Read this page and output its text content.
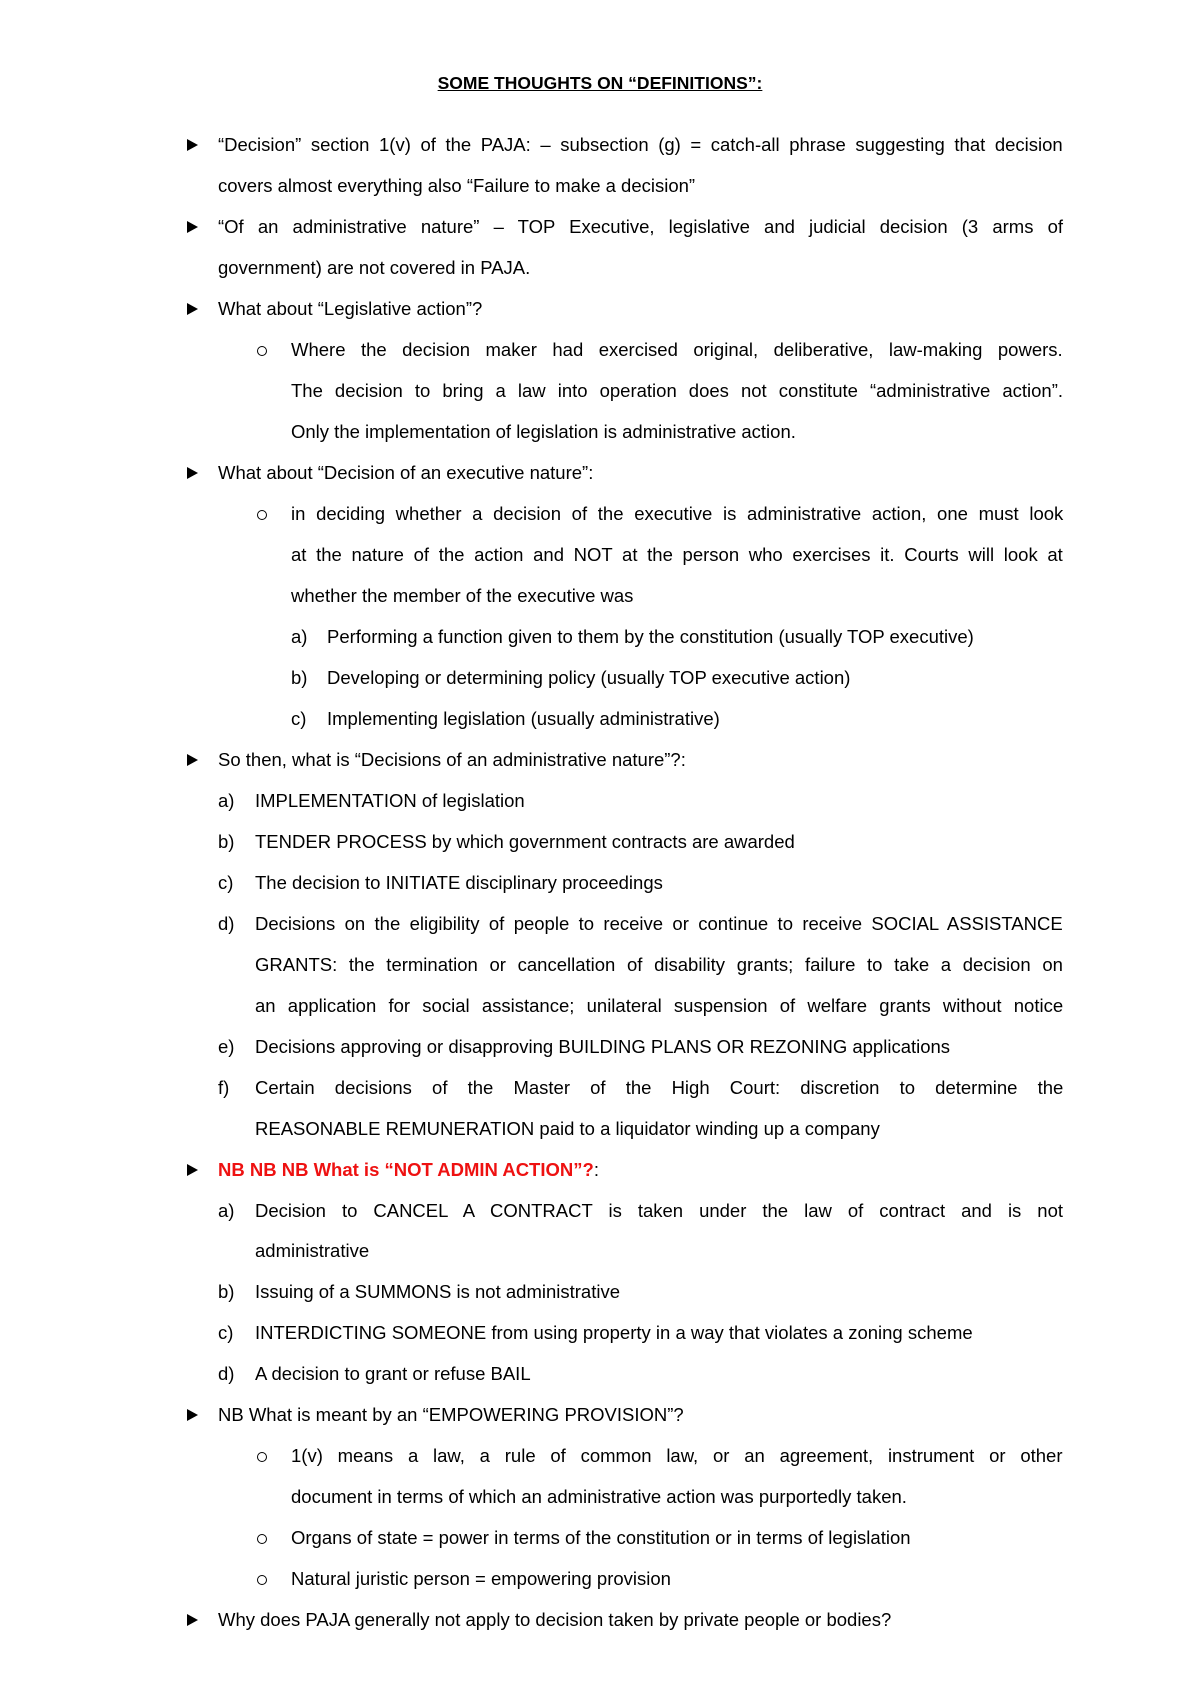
SOME THOUGHTS ON “DEFINITIONS”:
“Decision” section 1(v) of the PAJA: – subsection (g) = catch-all phrase suggesting that decision
covers almost everything also “Failure to make a decision”
“Of an administrative nature” – TOP Executive, legislative and judicial decision (3 arms of
government) are not covered in PAJA.
What about “Legislative action”?
Where the decision maker had exercised original, deliberative, law-making powers.
The decision to bring a law into operation does not constitute “administrative action”.
Only the implementation of legislation is administrative action.
What about “Decision of an executive nature”:
in deciding whether a decision of the executive is administrative action, one must look
at the nature of the action and NOT at the person who exercises it. Courts will look at
whether the member of the executive was
a) Performing a function given to them by the constitution (usually TOP executive)
b) Developing or determining policy (usually TOP executive action)
c) Implementing legislation (usually administrative)
So then, what is “Decisions of an administrative nature”?:
a) IMPLEMENTATION of legislation
b) TENDER PROCESS by which government contracts are awarded
c) The decision to INITIATE disciplinary proceedings
d) Decisions on the eligibility of people to receive or continue to receive SOCIAL ASSISTANCE
GRANTS: the termination or cancellation of disability grants; failure to take a decision on
an application for social assistance; unilateral suspension of welfare grants without notice
e) Decisions approving or disapproving BUILDING PLANS OR REZONING applications
f) Certain decisions of the Master of the High Court: discretion to determine the
REASONABLE REMUNERATION paid to a liquidator winding up a company
NB NB NB What is “NOT ADMIN ACTION”?:
a) Decision to CANCEL A CONTRACT is taken under the law of contract and is not
administrative
b) Issuing of a SUMMONS is not administrative
c) INTERDICTING SOMEONE from using property in a way that violates a zoning scheme
d) A decision to grant or refuse BAIL
NB What is meant by an “EMPOWERING PROVISION”?
1(v) means a law, a rule of common law, or an agreement, instrument or other
document in terms of which an administrative action was purportedly taken.
Organs of state = power in terms of the constitution or in terms of legislation
Natural juristic person = empowering provision
Why does PAJA generally not apply to decision taken by private people or bodies?
